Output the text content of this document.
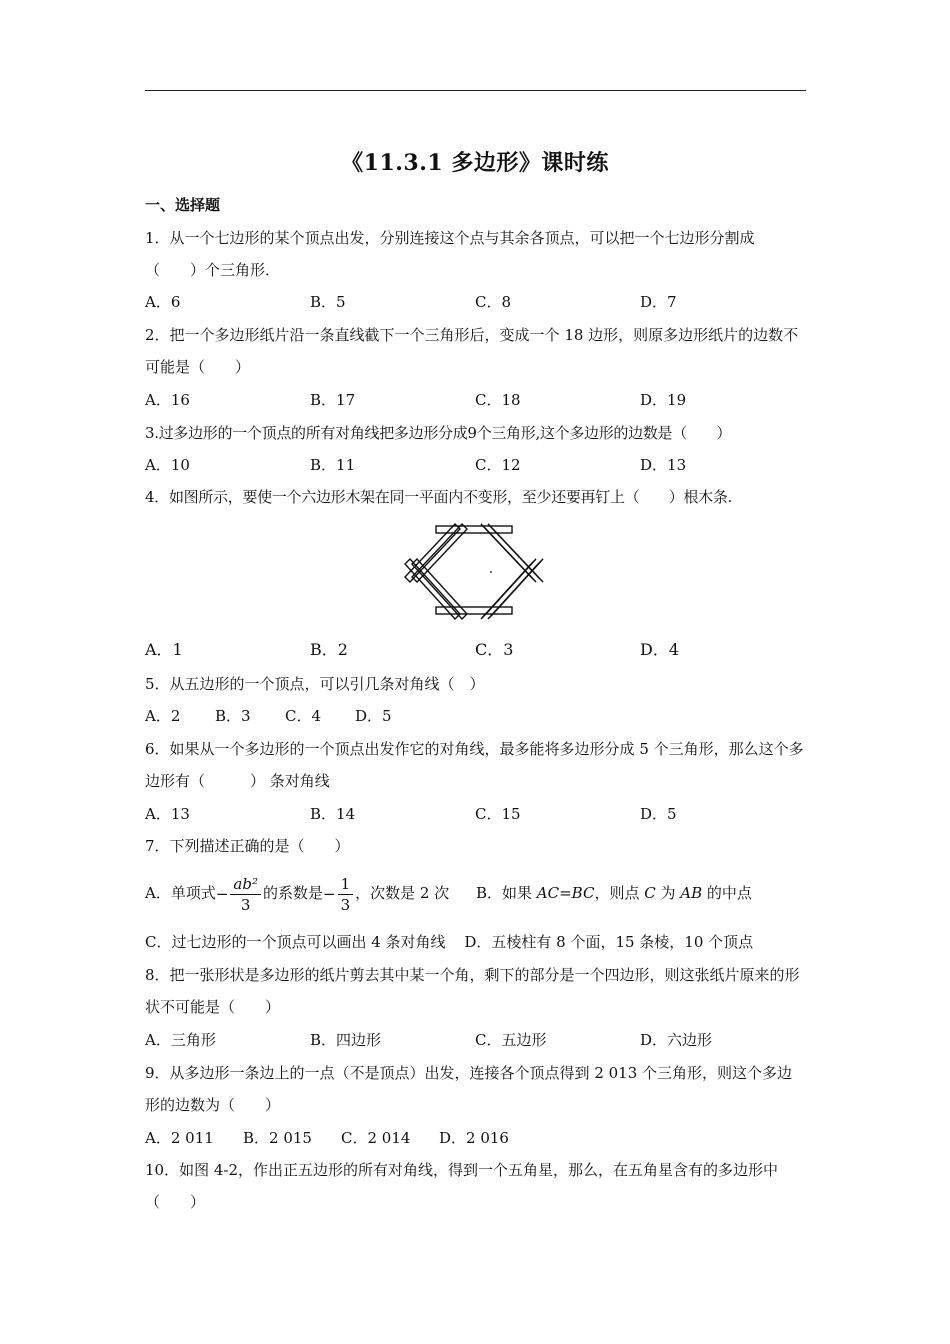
《11.3.1 多边形》课时练
一、选择题
1．从一个七边形的某个顶点出发，分别连接这个点与其余各顶点，可以把一个七边形分割成（　　）个三角形．
A．6	B．5	C．8	D．7
2．把一个多边形纸片沿一条直线截下一个三角形后，变成一个 18 边形，则原多边形纸片的边数不可能是（　　）
A．16	B．17	C．18	D．19
3.过多边形的一个顶点的所有对角线把多边形分成9个三角形,这个多边形的边数是（　　）
A．10	B．11	C．12	D．13
4．如图所示，要使一个六边形木架在同一平面内不变形，至少还要再钉上（　　）根木条.
A．1	B．2	C．3	D．4
5．从五边形的一个顶点，可以引几条对角线（　）
A．2 B．3 C．4 D．5
6．如果从一个多边形的一个顶点出发作它的对角线，最多能将多边形分成 5 个三角形，那么这个多边形有（　　　） 条对角线
A．13	B．14	C．15	D．5
7．下列描述正确的是（　　）
A．单项式− $\frac{\text{ab²}}{3}$ 的系数是− $\frac{1}{3}$ ，次数是 2 次 B．如果 AC=BC，则点 C 为 AB 的中点
C．过七边形的一个顶点可以画出 4 条对角线 D．五棱柱有 8 个面，15 条棱，10 个顶点
8．把一张形状是多边形的纸片剪去其中某一个角，剩下的部分是一个四边形，则这张纸片原来的形状不可能是（　　）
A．三角形	B．四边形	C．五边形	D．六边形
9．从多边形一条边上的一点（不是顶点）出发，连接各个顶点得到 2 013 个三角形，则这个多边形的边数为（　　）
A．2 011 B．2 015 C．2 014 D．2 016
10．如图 4-2，作出正五边形的所有对角线，得到一个五角星，那么，在五角星含有的多边形中（　　）
